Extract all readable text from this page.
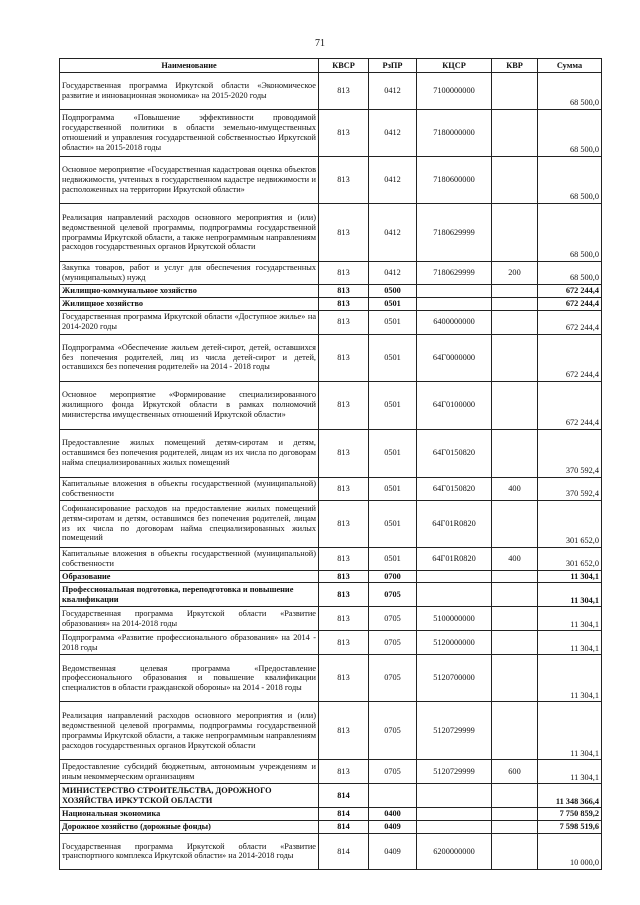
71
Наименование	КВСР	РзПР	КЦСР	КВР	Сумма
Государственная программа Иркутской области «Экономическое развитие и инновационная экономика» на 2015-2020 годы	813	0412	7100000000		68 500,0
Подпрограмма «Повышение эффективности проводимой государственной политики в области земельно-имущественных отношений и управления государственной собственностью Иркутской области» на 2015-2018 годы	813	0412	7180000000		68 500,0
Основное мероприятие «Государственная кадастровая оценка объектов недвижимости, учтенных в государственном кадастре недвижимости и расположенных на территории Иркутской области»	813	0412	7180600000		68 500,0
Реализация направлений расходов основного мероприятия и (или) ведомственной целевой программы, подпрограммы государственной программы Иркутской области, а также непрограммным направлениям расходов государственных органов Иркутской области	813	0412	7180629999		68 500,0
Закупка товаров, работ и услуг для обеспечения государственных (муниципальных) нужд	813	0412	7180629999	200	68 500,0
Жилищно-коммунальное хозяйство	813	0500			672 244,4
Жилищное хозяйство	813	0501			672 244,4
Государственная программа Иркутской области «Доступное жилье» на 2014-2020 годы	813	0501	6400000000		672 244,4
Подпрограмма «Обеспечение жильем детей-сирот, детей, оставшихся без попечения родителей, лиц из числа детей-сирот и детей, оставшихся без попечения родителей» на 2014 - 2018 годы	813	0501	64Г0000000		672 244,4
Основное мероприятие «Формирование специализированного жилищного фонда Иркутской области в рамках полномочий министерства имущественных отношений Иркутской области»	813	0501	64Г0100000		672 244,4
Предоставление жилых помещений детям-сиротам и детям, оставшимся без попечения родителей, лицам из их числа по договорам найма специализированных жилых помещений	813	0501	64Г0150820		370 592,4
Капитальные вложения в объекты государственной (муниципальной) собственности	813	0501	64Г0150820	400	370 592,4
Софинансирование расходов на предоставление жилых помещений детям-сиротам и детям, оставшимся без попечения родителей, лицам из их числа по договорам найма специализированных жилых помещений	813	0501	64Г01R0820		301 652,0
Капитальные вложения в объекты государственной (муниципальной) собственности	813	0501	64Г01R0820	400	301 652,0
Образование	813	0700			11 304,1
Профессиональная подготовка, переподготовка и повышение квалификации	813	0705			11 304,1
Государственная программа Иркутской области «Развитие образования» на 2014-2018 годы	813	0705	5100000000		11 304,1
Подпрограмма «Развитие профессионального образования» на 2014 - 2018 годы	813	0705	5120000000		11 304,1
Ведомственная целевая программа «Предоставление профессионального образования и повышение квалификации специалистов в области гражданской обороны» на 2014 - 2018 годы	813	0705	5120700000		11 304,1
Реализация направлений расходов основного мероприятия и (или) ведомственной целевой программы, подпрограммы государственной программы Иркутской области, а также непрограммным направлениям расходов государственных органов Иркутской области	813	0705	5120729999		11 304,1
Предоставление субсидий бюджетным, автономным учреждениям и иным некоммерческим организациям	813	0705	5120729999	600	11 304,1
МИНИСТЕРСТВО СТРОИТЕЛЬСТВА, ДОРОЖНОГО ХОЗЯЙСТВА ИРКУТСКОЙ ОБЛАСТИ	814				11 348 366,4
Национальная экономика	814	0400			7 750 859,2
Дорожное хозяйство (дорожные фонды)	814	0409			7 598 519,6
Государственная программа Иркутской области «Развитие транспортного комплекса Иркутской области» на 2014-2018 годы	814	0409	6200000000		10 000,0
